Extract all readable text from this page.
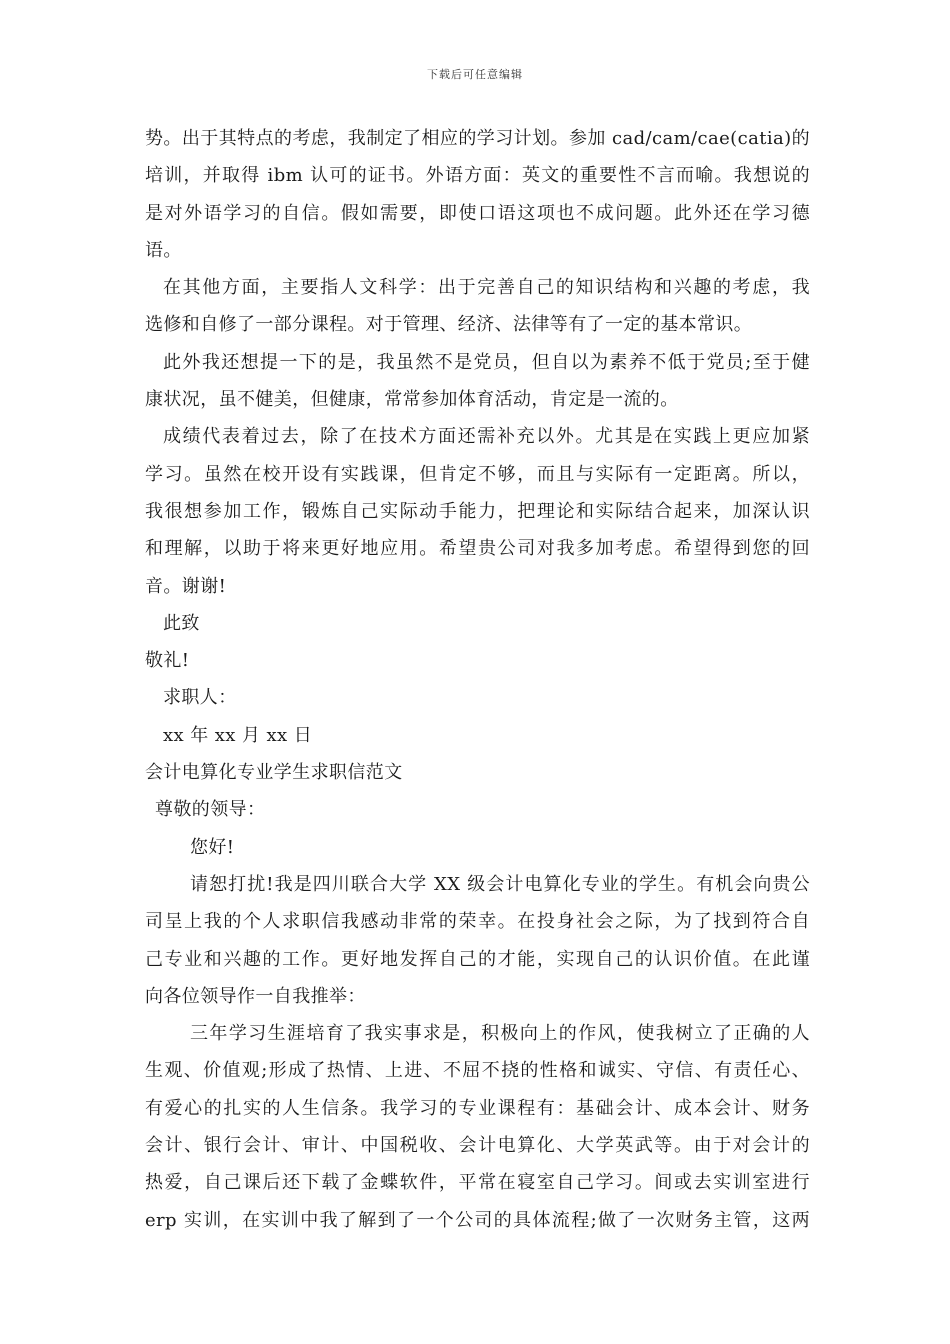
下载后可任意编辑
势。出于其特点的考虑，我制定了相应的学习计划。参加 cad/cam/cae(catia)的
培训，并取得 ibm 认可的证书。外语方面：英文的重要性不言而喻。我想说的
是对外语学习的自信。假如需要，即使口语这项也不成问题。此外还在学习德
语。
在其他方面，主要指人文科学：出于完善自己的知识结构和兴趣的考虑，我
选修和自修了一部分课程。对于管理、经济、法律等有了一定的基本常识。
此外我还想提一下的是，我虽然不是党员，但自以为素养不低于党员;至于健
康状况，虽不健美，但健康，常常参加体育活动，肯定是一流的。
成绩代表着过去，除了在技术方面还需补充以外。尤其是在实践上更应加紧
学习。虽然在校开设有实践课，但肯定不够，而且与实际有一定距离。所以，
我很想参加工作，锻炼自己实际动手能力，把理论和实际结合起来，加深认识
和理解，以助于将来更好地应用。希望贵公司对我多加考虑。希望得到您的回
音。谢谢!
此致
敬礼!
求职人：
xx 年 xx 月 xx 日
会计电算化专业学生求职信范文
尊敬的领导：
您好!
请恕打扰!我是四川联合大学 XX 级会计电算化专业的学生。有机会向贵公
司呈上我的个人求职信我感动非常的荣幸。在投身社会之际，为了找到符合自
己专业和兴趣的工作。更好地发挥自己的才能，实现自己的认识价值。在此谨
向各位领导作一自我推举：
三年学习生涯培育了我实事求是，积极向上的作风，使我树立了正确的人
生观、价值观;形成了热情、上进、不屈不挠的性格和诚实、守信、有责任心、
有爱心的扎实的人生信条。我学习的专业课程有：基础会计、成本会计、财务
会计、银行会计、审计、中国税收、会计电算化、大学英武等。由于对会计的
热爱，自己课后还下载了金蝶软件，平常在寝室自己学习。间或去实训室进行
erp 实训，在实训中我了解到了一个公司的具体流程;做了一次财务主管，这两
